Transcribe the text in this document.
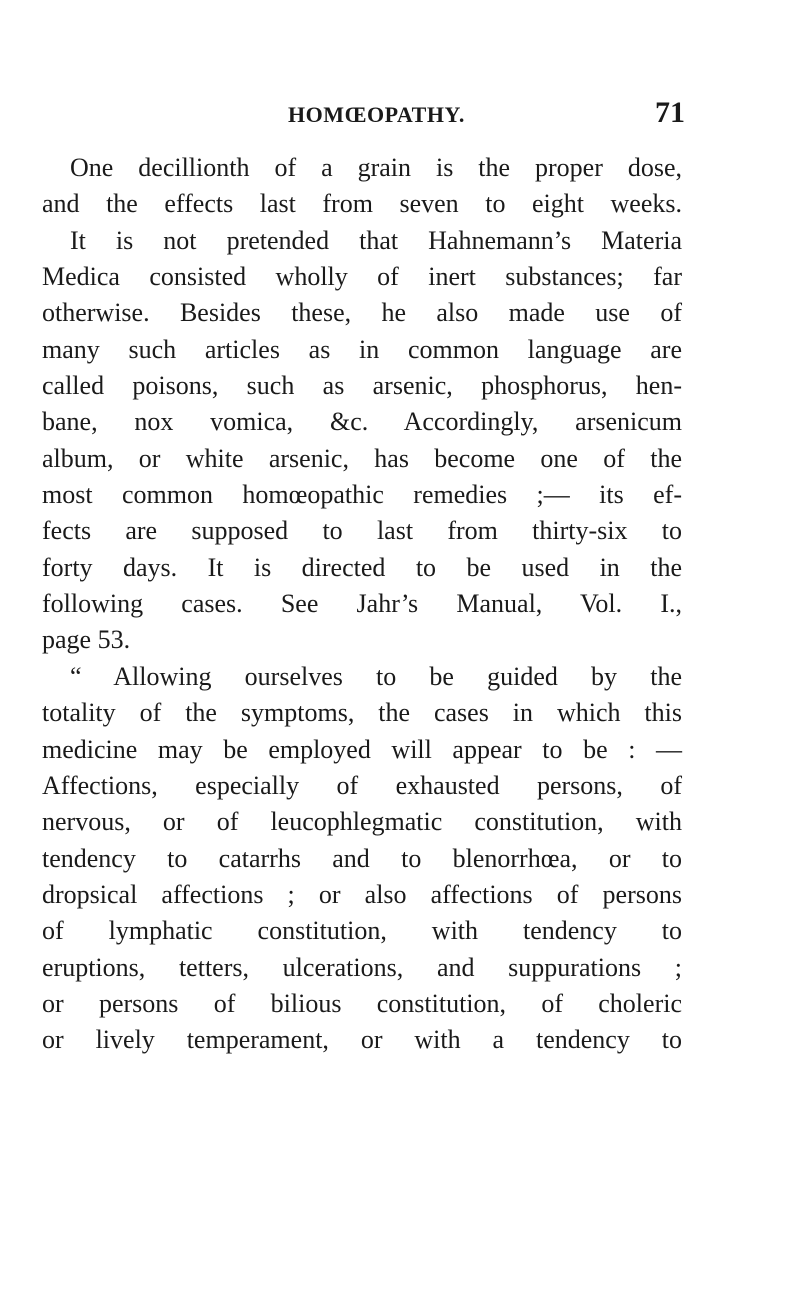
HOMŒOPATHY.	71
One decillionth of a grain is the proper dose,
and the effects last from seven to eight weeks.
It is not pretended that Hahnemann’s Materia
Medica consisted wholly of inert substances; far
otherwise. Besides these, he also made use of
many such articles as in common language are
called poisons, such as arsenic, phosphorus, hen-
bane, nox vomica, &c. Accordingly, arsenicum
album, or white arsenic, has become one of the
most common homœopathic remedies ;— its ef-
fects are supposed to last from thirty-six to
forty days. It is directed to be used in the
following cases. See Jahr’s Manual, Vol. I.,
page 53.
“ Allowing ourselves to be guided by the
totality of the symptoms, the cases in which this
medicine may be employed will appear to be : —
Affections, especially of exhausted persons, of
nervous, or of leucophlegmatic constitution, with
tendency to catarrhs and to blenorrhœa, or to
dropsical affections ; or also affections of persons
of lymphatic constitution, with tendency to
eruptions, tetters, ulcerations, and suppurations ;
or persons of bilious constitution, of choleric
or lively temperament, or with a tendency to
